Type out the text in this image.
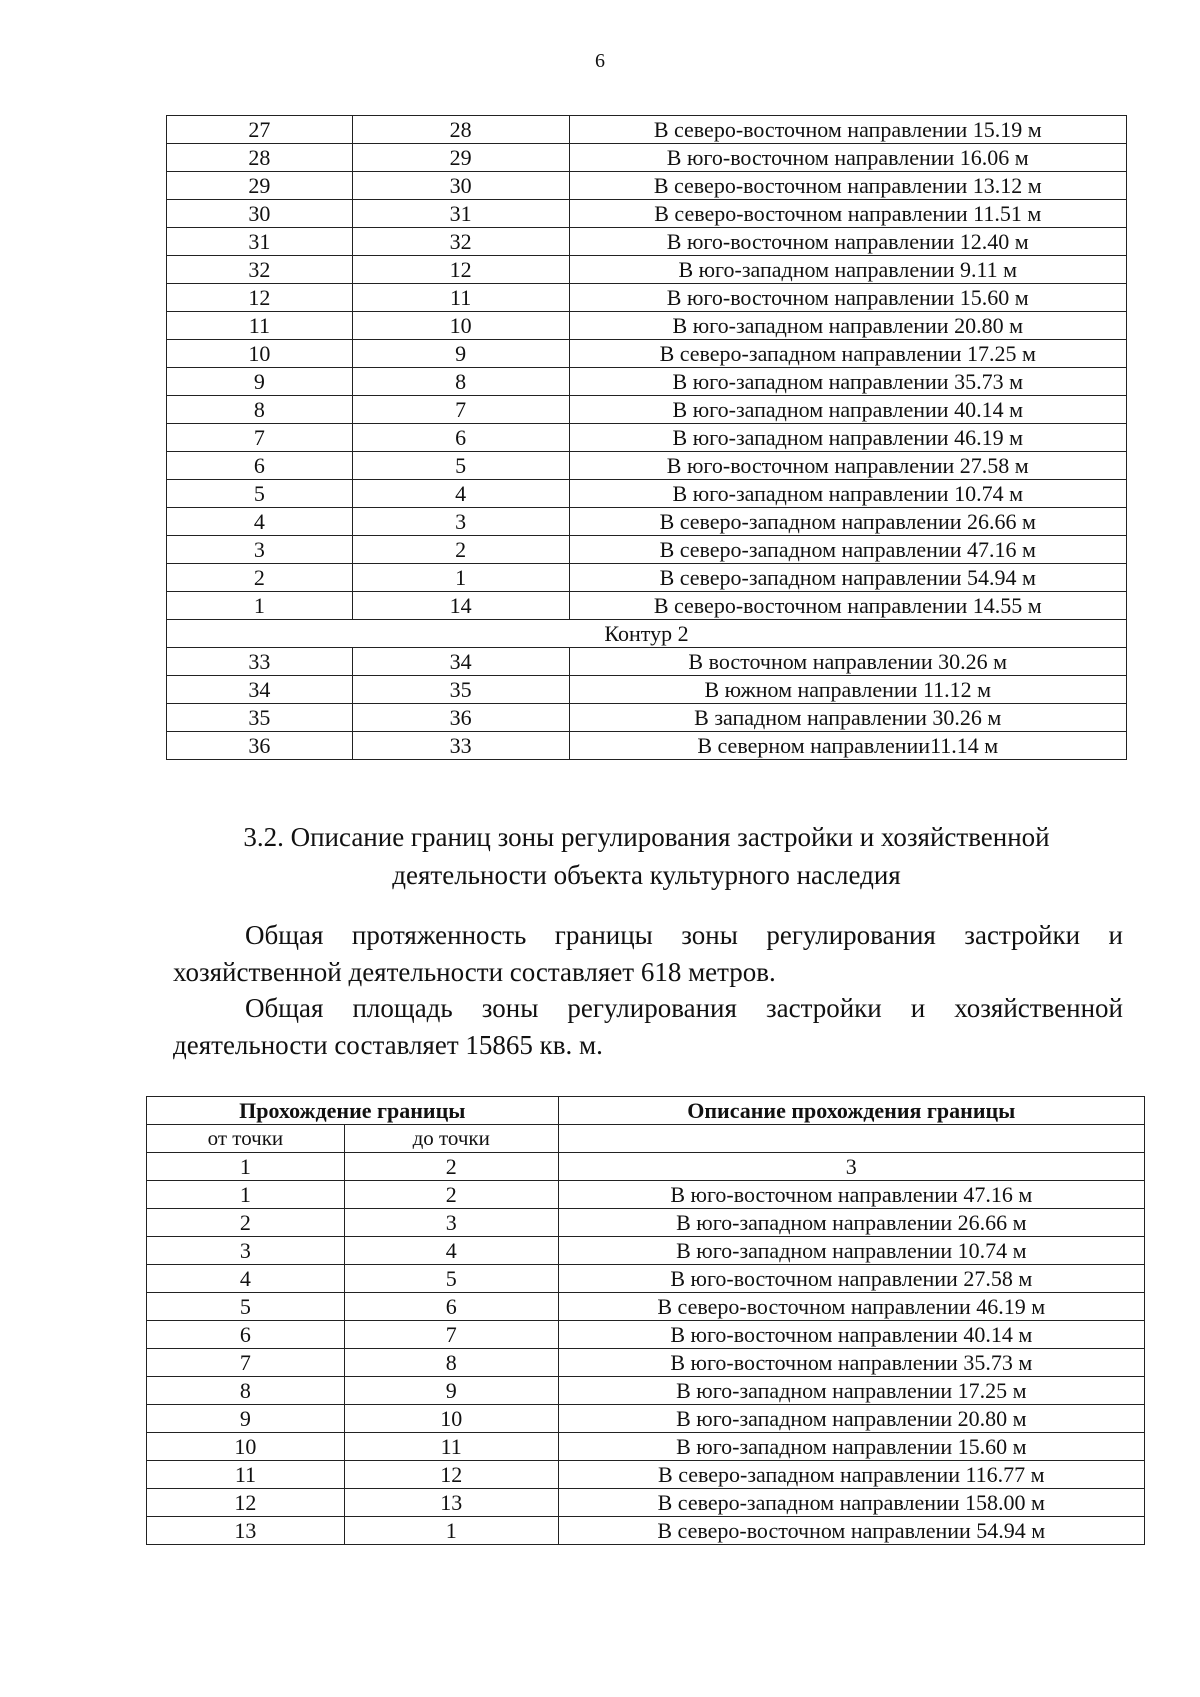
6
27	28	В северо-восточном направлении 15.19 м
28	29	В юго-восточном направлении 16.06 м
29	30	В северо-восточном направлении 13.12 м
30	31	В северо-восточном направлении 11.51 м
31	32	В юго-восточном направлении 12.40 м
32	12	В юго-западном направлении 9.11 м
12	11	В юго-восточном направлении 15.60 м
11	10	В юго-западном направлении 20.80 м
10	9	В северо-западном направлении 17.25 м
9	8	В юго-западном направлении 35.73 м
8	7	В юго-западном направлении 40.14 м
7	6	В юго-западном направлении 46.19 м
6	5	В юго-восточном направлении 27.58 м
5	4	В юго-западном направлении 10.74 м
4	3	В северо-западном направлении 26.66 м
3	2	В северо-западном направлении 47.16 м
2	1	В северо-западном направлении 54.94 м
1	14	В северо-восточном направлении 14.55 м
Контур 2		
33	34	В восточном направлении 30.26 м
34	35	В южном направлении 11.12 м
35	36	В западном направлении 30.26 м
36	33	В северном направлении11.14 м
3.2. Описание границ зоны регулирования застройки и хозяйственной
деятельности объекта культурного наследия

Общая протяженность границы зоны регулирования застройки и хозяйственной деятельности составляет 618 метров.

Общая площадь зоны регулирования застройки и хозяйственной деятельности составляет 15865 кв. м.

Прохождение границы		Описание прохождения границы
от точки	до точки	
1	2	3
1	2	В юго-восточном направлении 47.16 м
2	3	В юго-западном направлении 26.66 м
3	4	В юго-западном направлении 10.74 м
4	5	В юго-восточном направлении 27.58 м
5	6	В северо-восточном направлении 46.19 м
6	7	В юго-восточном направлении 40.14 м
7	8	В юго-восточном направлении 35.73 м
8	9	В юго-западном направлении 17.25 м
9	10	В юго-западном направлении 20.80 м
10	11	В юго-западном направлении 15.60 м
11	12	В северо-западном направлении 116.77 м
12	13	В северо-западном направлении 158.00 м
13	1	В северо-восточном направлении 54.94 м
